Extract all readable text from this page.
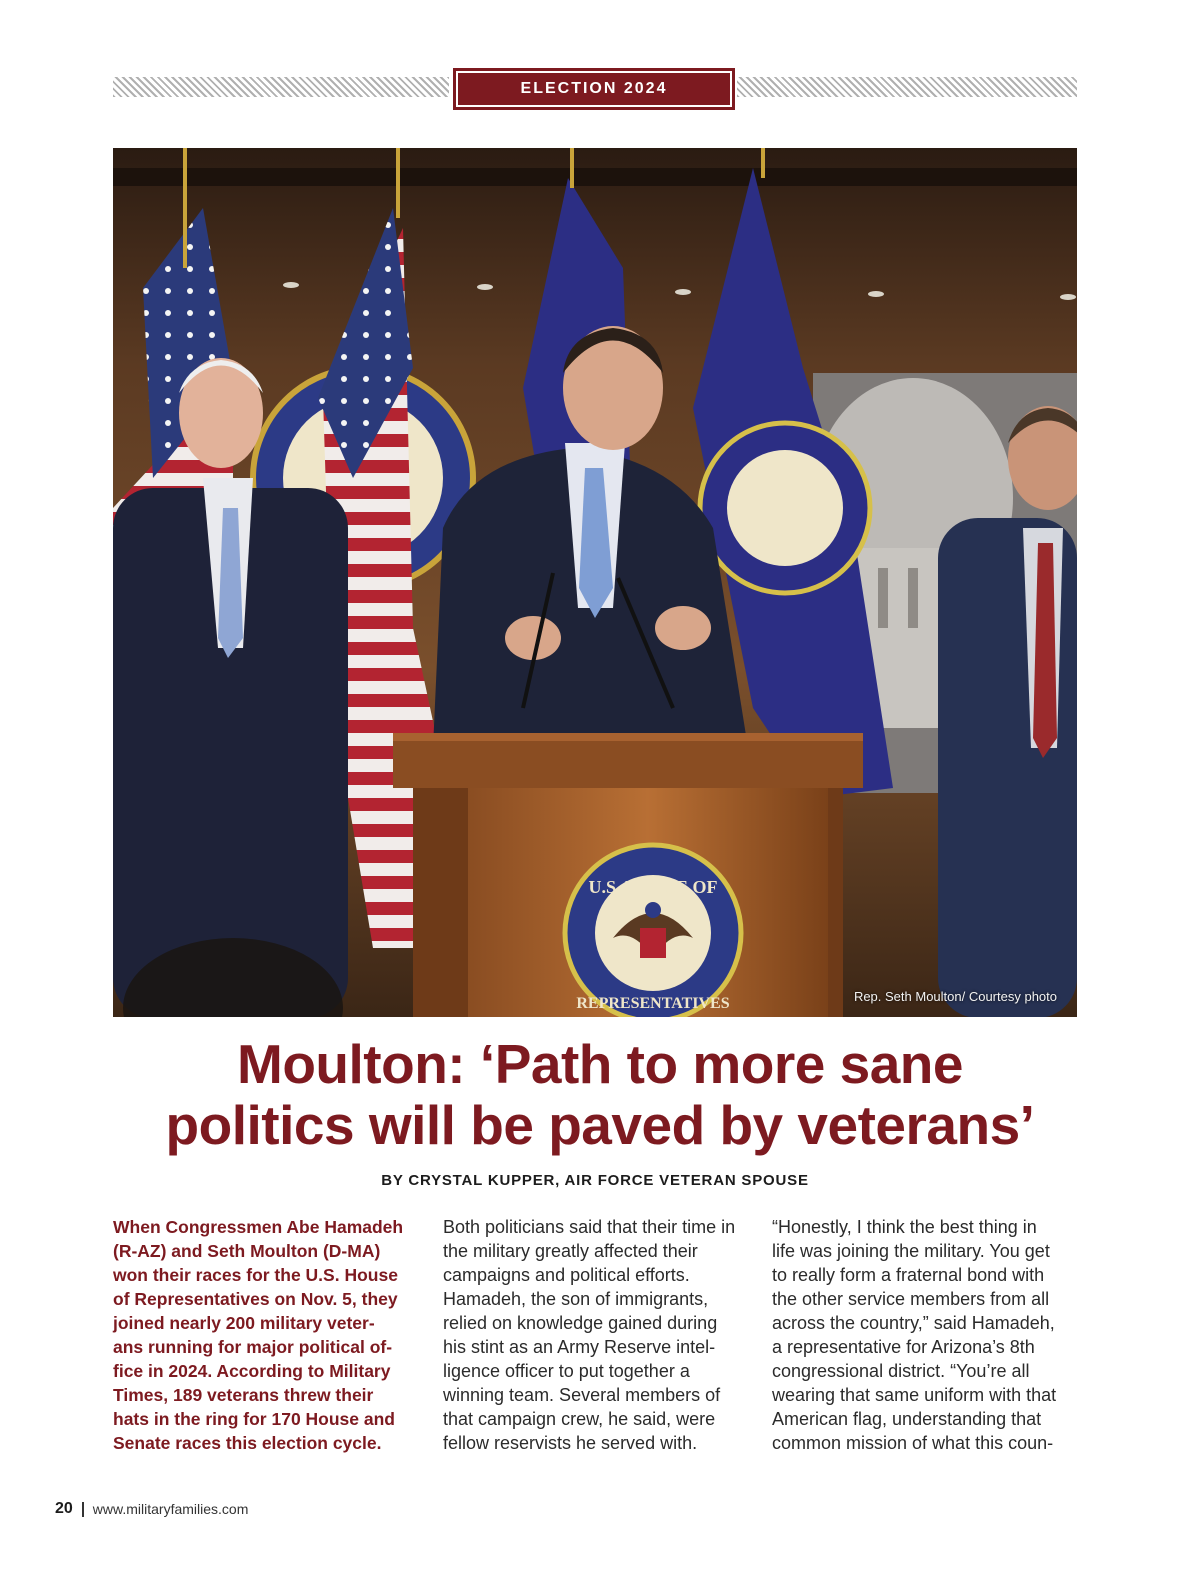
ELECTION 2024
U.S. HOUSE OF
REPRESENTATIVES	Rep. Seth Moulton/ Courtesy photo
Moulton: ‘Path to more sane
politics will be paved by veterans’
BY CRYSTAL KUPPER, AIR FORCE VETERAN SPOUSE

When Congressmen Abe Hamadeh
(R-AZ) and Seth Moulton (D-MA)
won their races for the U.S. House
of Representatives on Nov. 5, they
joined nearly 200 military veter-
ans running for major political of-
fice in 2024. According to Military
Times, 189 veterans threw their
hats in the ring for 170 House and
Senate races this election cycle.

Both politicians said that their time in
the military greatly affected their
campaigns and political efforts.
Hamadeh, the son of immigrants,
relied on knowledge gained during
his stint as an Army Reserve intel-
ligence officer to put together a
winning team. Several members of
that campaign crew, he said, were
fellow reservists he served with.

“Honestly, I think the best thing in
life was joining the military. You get
to really form a fraternal bond with
the other service members from all
across the country,” said Hamadeh,
a representative for Arizona’s 8th
congressional district. “You’re all
wearing that same uniform with that
American flag, understanding that
common mission of what this coun-

20 www.militaryfamilies.com
